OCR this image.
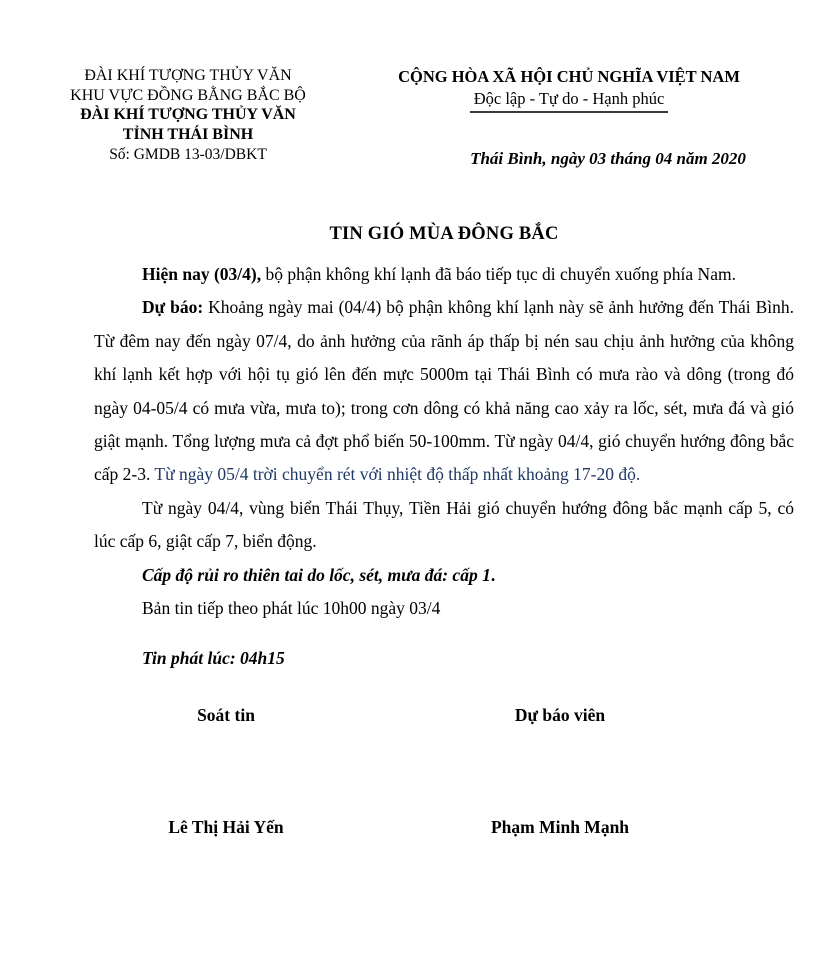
ĐÀI KHÍ TƯỢNG THỦY VĂN
KHU VỰC ĐỒNG BẰNG BẮC BỘ
ĐÀI KHÍ TƯỢNG THỦY VĂN
TỈNH THÁI BÌNH
Số: GMDB 13-03/DBKT
CỘNG HÒA XÃ HỘI CHỦ NGHĨA VIỆT NAM
Độc lập - Tự do - Hạnh phúc
Thái Bình, ngày 03 tháng 04 năm 2020
TIN GIÓ MÙA ĐÔNG BẮC

Hiện nay (03/4), bộ phận không khí lạnh đã báo tiếp tục di chuyển xuống phía Nam.

Dự báo: Khoảng ngày mai (04/4) bộ phận không khí lạnh này sẽ ảnh hưởng đến Thái Bình. Từ đêm nay đến ngày 07/4, do ảnh hưởng của rãnh áp thấp bị nén sau chịu ảnh hưởng của không khí lạnh kết hợp với hội tụ gió lên đến mực 5000m tại Thái Bình có mưa rào và dông (trong đó ngày 04-05/4 có mưa vừa, mưa to); trong cơn dông có khả năng cao xảy ra lốc, sét, mưa đá và gió giật mạnh. Tổng lượng mưa cả đợt phổ biến 50-100mm. Từ ngày 04/4, gió chuyển hướng đông bắc cấp 2-3. Từ ngày 05/4 trời chuyển rét với nhiệt độ thấp nhất khoảng 17-20 độ.

Từ ngày 04/4, vùng biển Thái Thụy, Tiền Hải gió chuyển hướng đông bắc mạnh cấp 5, có lúc cấp 6, giật cấp 7, biển động.

Cấp độ rủi ro thiên tai do lốc, sét, mưa đá: cấp 1.

Bản tin tiếp theo phát lúc 10h00 ngày 03/4

Tin phát lúc: 04h15

Soát tin
Lê Thị Hải Yến
Dự báo viên
Phạm Minh Mạnh
